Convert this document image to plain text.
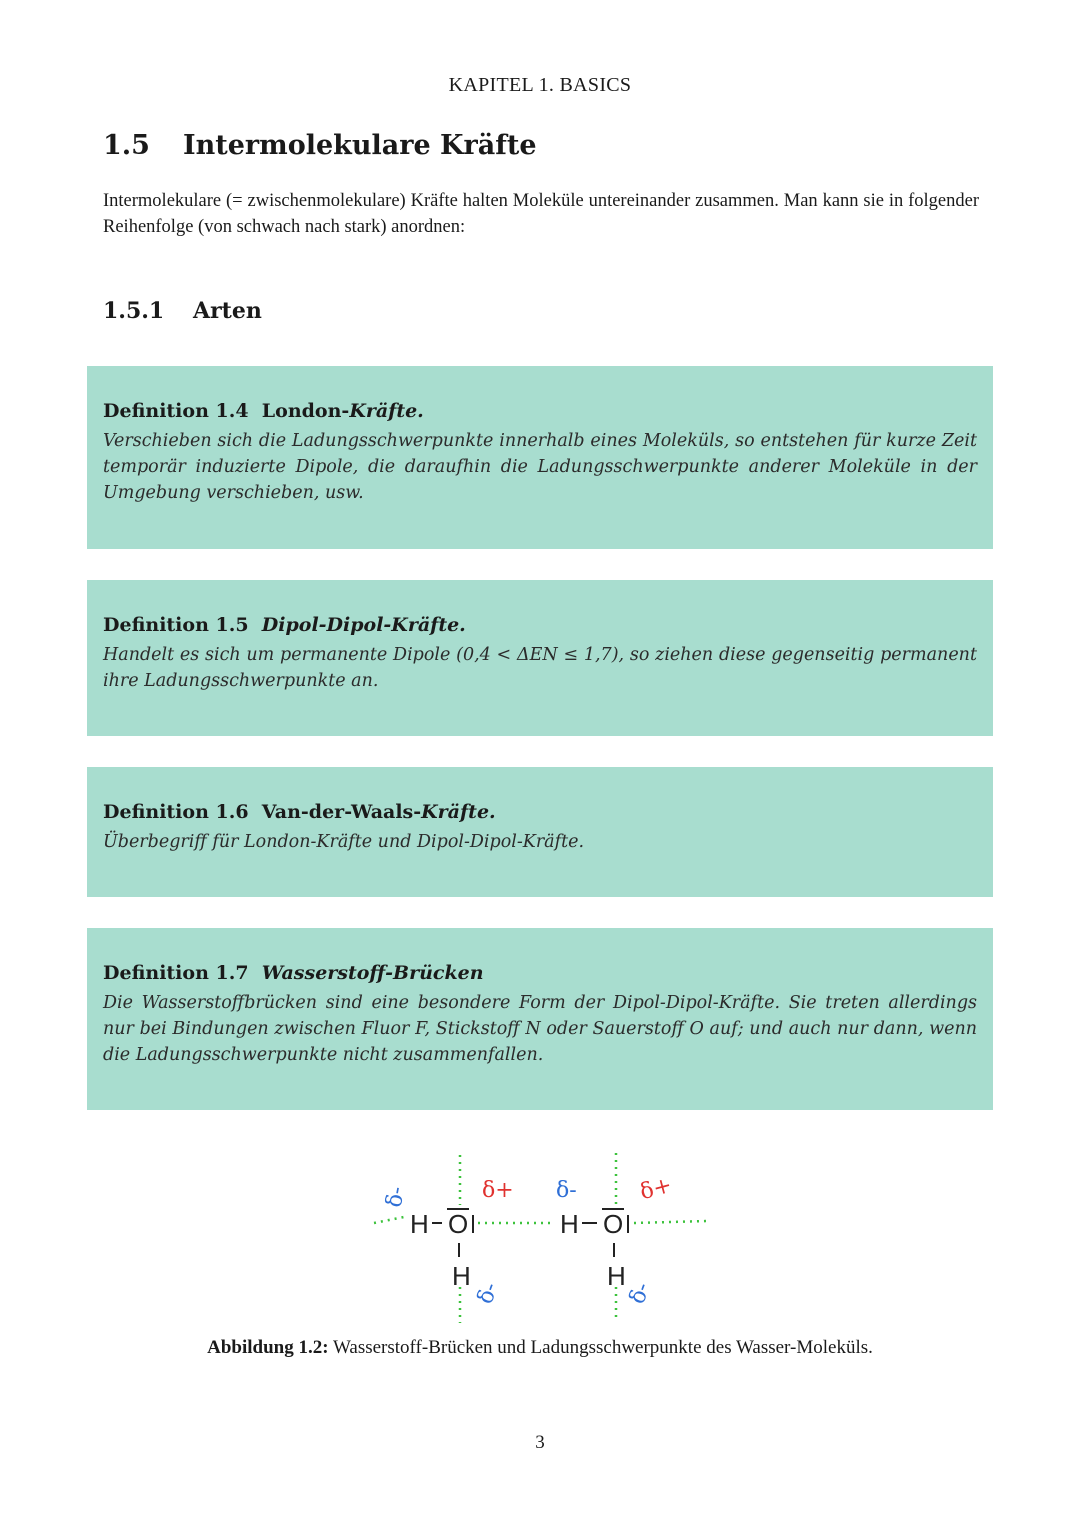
KAPITEL 1. BASICS
1.5 Intermolekulare Kräfte
Intermolekulare (= zwischenmolekulare) Kräfte halten Moleküle untereinander zusammen. Man kann sie in folgender Reihenfolge (von schwach nach stark) anordnen:
1.5.1 Arten
Definition 1.4 London-Kräfte.
Verschieben sich die Ladungsschwerpunkte innerhalb eines Moleküls, so entstehen für kurze Zeit temporär induzierte Dipole, die daraufhin die Ladungsschwerpunkte anderer Moleküle in der Umgebung verschieben, usw.
Definition 1.5 Dipol-Dipol-Kräfte.
Handelt es sich um permanente Dipole (0,4 < ΔEN ≤ 1,7), so ziehen diese gegenseitig permanent ihre Ladungsschwerpunkte an.
Definition 1.6 Van-der-Waals-Kräfte.
Überbegriff für London-Kräfte und Dipol-Dipol-Kräfte.
Definition 1.7 Wasserstoff-Brücken
Die Wasserstoffbrücken sind eine besondere Form der Dipol-Dipol-Kräfte. Sie treten allerdings nur bei Bindungen zwischen Fluor F, Stickstoff N oder Sauerstoff O auf; und auch nur dann, wenn die Ladungsschwerpunkte nicht zusammenfallen.
H O
H
H O
H
δ-	δ+
δ-
δ-	δ+
δ-
Abbildung 1.2: Wasserstoff-Brücken und Ladungsschwerpunkte des Wasser-Moleküls.
3
